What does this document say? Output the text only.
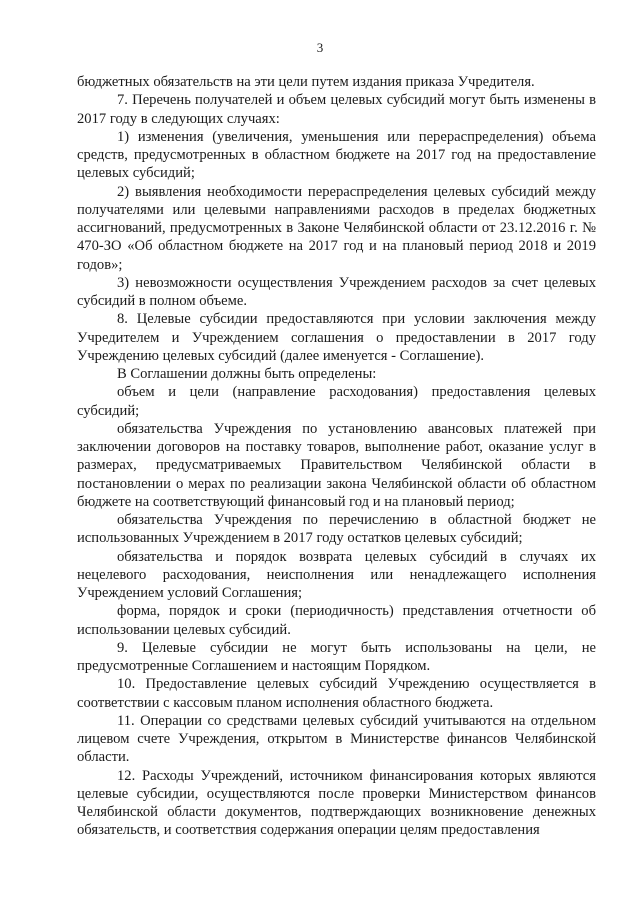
3

бюджетных обязательств на эти цели путем издания приказа Учредителя.

7. Перечень получателей и объем целевых субсидий могут быть изменены в 2017 году в следующих случаях:

1) изменения (увеличения, уменьшения или перераспределения) объема средств, предусмотренных в областном бюджете на 2017 год на предоставление целевых субсидий;

2) выявления необходимости перераспределения целевых субсидий между получателями или целевыми направлениями расходов в пределах бюджетных ассигнований, предусмотренных в Законе Челябинской области от 23.12.2016 г. № 470-ЗО «Об областном бюджете на 2017 год и на плановый период 2018 и 2019 годов»;

3) невозможности осуществления Учреждением расходов за счет целевых субсидий в полном объеме.

8. Целевые субсидии предоставляются при условии заключения между Учредителем и Учреждением соглашения о предоставлении в 2017 году Учреждению целевых субсидий (далее именуется - Соглашение).

В Соглашении должны быть определены:

объем и цели (направление расходования) предоставления целевых субсидий;

обязательства Учреждения по установлению авансовых платежей при заключении договоров на поставку товаров, выполнение работ, оказание услуг в размерах, предусматриваемых Правительством Челябинской области в постановлении о мерах по реализации закона Челябинской области об областном бюджете на соответствующий финансовый год и на плановый период;

обязательства Учреждения по перечислению в областной бюджет не использованных Учреждением в 2017 году остатков целевых субсидий;

обязательства и порядок возврата целевых субсидий в случаях их нецелевого расходования, неисполнения или ненадлежащего исполнения Учреждением условий Соглашения;

форма, порядок и сроки (периодичность) представления отчетности об использовании целевых субсидий.

9. Целевые субсидии не могут быть использованы на цели, не предусмотренные Соглашением и настоящим Порядком.

10. Предоставление целевых субсидий Учреждению осуществляется в соответствии с кассовым планом исполнения областного бюджета.

11. Операции со средствами целевых субсидий учитываются на отдельном лицевом счете Учреждения, открытом в Министерстве финансов Челябинской области.

12. Расходы Учреждений, источником финансирования которых являются целевые субсидии, осуществляются после проверки Министерством финансов Челябинской области документов, подтверждающих возникновение денежных обязательств, и соответствия содержания операции целям предоставления
